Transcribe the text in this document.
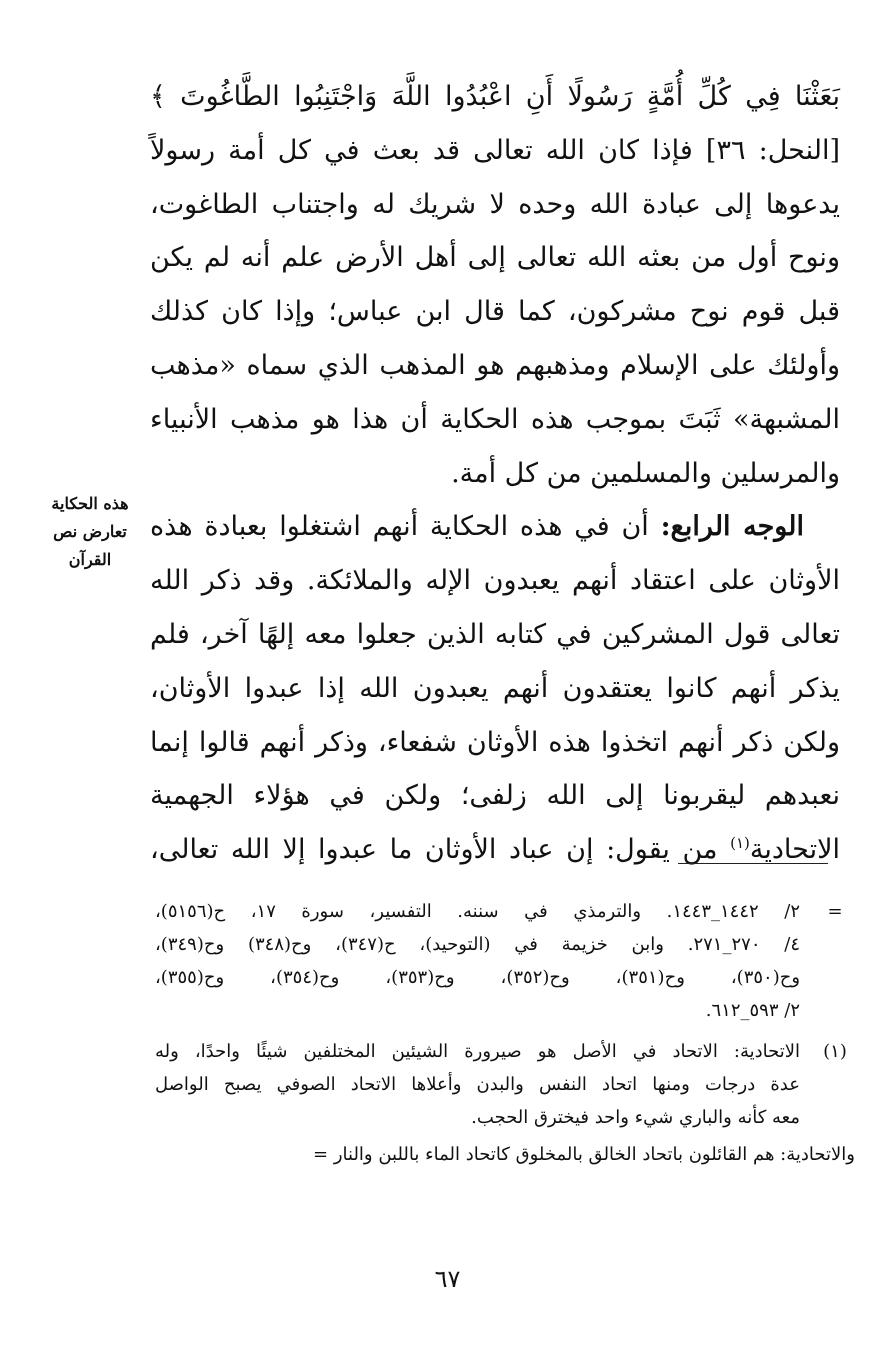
بَعَثْنَا فِي كُلِّ أُمَّةٍ رَسُولًا أَنِ اعْبُدُوا اللَّهَ وَاجْتَنِبُوا الطَّاغُوتَ ﴾
[النحل: ٣٦] فإذا كان الله تعالى قد بعث في كل أمة رسولاً
يدعوها إلى عبادة الله وحده لا شريك له واجتناب الطاغوت،
ونوح أول من بعثه الله تعالى إلى أهل الأرض علم أنه لم يكن
قبل قوم نوح مشركون، كما قال ابن عباس؛ وإذا كان كذلك
وأولئك على الإسلام ومذهبهم هو المذهب الذي سماه «مذهب
المشبهة» ثَبَتَ بموجب هذه الحكاية أن هذا هو مذهب الأنبياء
والمرسلين والمسلمين من كل أمة.
الوجه الرابع: أن في هذه الحكاية أنهم اشتغلوا بعبادة هذه
الأوثان على اعتقاد أنهم يعبدون الإله والملائكة. وقد ذكر الله
تعالى قول المشركين في كتابه الذين جعلوا معه إلهًا آخر، فلم
يذكر أنهم كانوا يعتقدون أنهم يعبدون الله إذا عبدوا الأوثان،
ولكن ذكر أنهم اتخذوا هذه الأوثان شفعاء، وذكر أنهم قالوا إنما
نعبدهم ليقربونا إلى الله زلفى؛ ولكن في هؤلاء الجهمية
الاتحادية$^{(١)}$ من يقول: إن عباد الأوثان ما عبدوا إلا الله تعالى،
هذه الحكاية
تعارض نص
القرآن
=
٢/ ١٤٤٢_١٤٤٣. والترمذي في سننه. التفسير، سورة ١٧، ح(٥١٥٦)،
٤/ ٢٧٠_٢٧١. وابن خزيمة في (التوحيد)، ح(٣٤٧)، وح(٣٤٨) وح(٣٤٩)،
وح(٣٥٠)، وح(٣٥١)، وح(٣٥٢)، وح(٣٥٣)، وح(٣٥٤)، وح(٣٥٥)،
٢/ ٥٩٣_٦١٢.
(١)
الاتحادية: الاتحاد في الأصل هو صيرورة الشيئين المختلفين شيئًا واحدًا، وله
عدة درجات ومنها اتحاد النفس والبدن وأعلاها الاتحاد الصوفي يصبح الواصل
معه كأنه والباري شيء واحد فيخترق الحجب.
والاتحادية: هم القائلون باتحاد الخالق بالمخلوق كاتحاد الماء باللبن والنار =
٦٧
